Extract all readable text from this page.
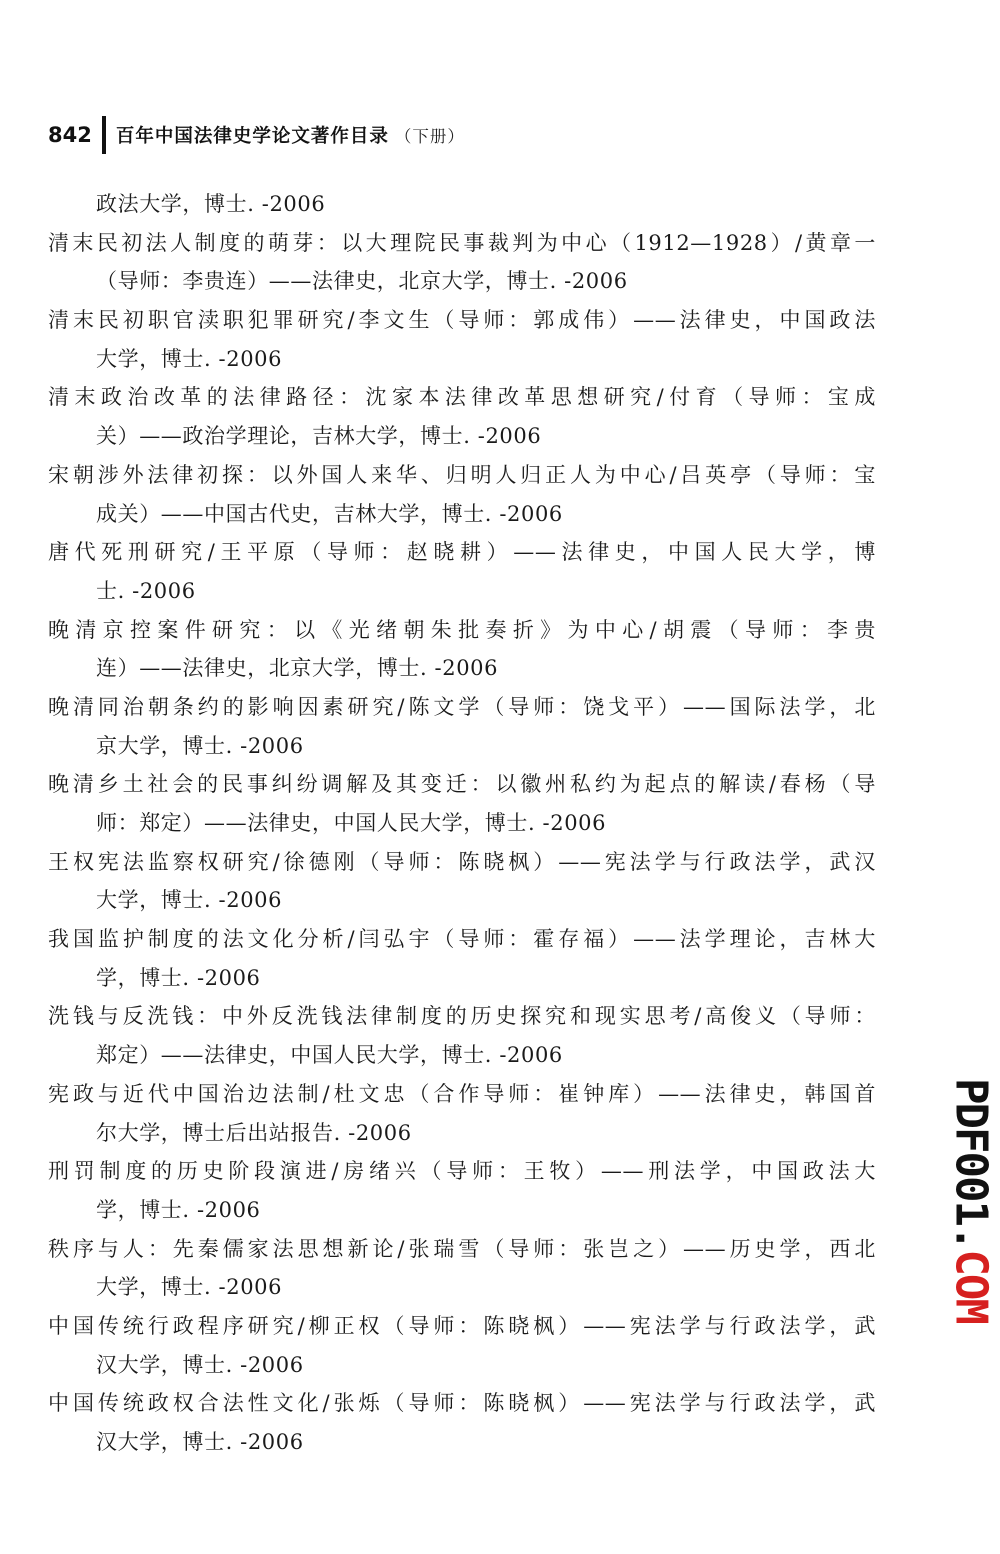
842 百年中国法律史学论文著作目录 （下册）
政法大学，博士. -2006
清末民初法人制度的萌芽：以大理院民事裁判为中心（1912—1928）/黄章一
（导师：李贵连）——法律史，北京大学，博士. -2006
清末民初职官渎职犯罪研究/李文生（导师：郭成伟）——法律史，中国政法
大学，博士. -2006
清末政治改革的法律路径：沈家本法律改革思想研究/付育（导师：宝成
关）——政治学理论，吉林大学，博士. -2006
宋朝涉外法律初探：以外国人来华、归明人归正人为中心/吕英亭（导师：宝
成关）——中国古代史，吉林大学，博士. -2006
唐代死刑研究/王平原（导师：赵晓耕）——法律史，中国人民大学，博
士. -2006
晚清京控案件研究：以《光绪朝朱批奏折》为中心/胡震（导师：李贵
连）——法律史，北京大学，博士. -2006
晚清同治朝条约的影响因素研究/陈文学（导师：饶戈平）——国际法学，北
京大学，博士. -2006
晚清乡土社会的民事纠纷调解及其变迁：以徽州私约为起点的解读/春杨（导
师：郑定）——法律史，中国人民大学，博士. -2006
王权宪法监察权研究/徐德刚（导师：陈晓枫）——宪法学与行政法学，武汉
大学，博士. -2006
我国监护制度的法文化分析/闫弘宇（导师：霍存福）——法学理论，吉林大
学，博士. -2006
洗钱与反洗钱：中外反洗钱法律制度的历史探究和现实思考/高俊义（导师：
郑定）——法律史，中国人民大学，博士. -2006
宪政与近代中国治边法制/杜文忠（合作导师：崔钟库）——法律史，韩国首
尔大学，博士后出站报告. -2006
刑罚制度的历史阶段演进/房绪兴（导师：王牧）——刑法学，中国政法大
学，博士. -2006
秩序与人：先秦儒家法思想新论/张瑞雪（导师：张岂之）——历史学，西北
大学，博士. -2006
中国传统行政程序研究/柳正权（导师：陈晓枫）——宪法学与行政法学，武
汉大学，博士. -2006
中国传统政权合法性文化/张烁（导师：陈晓枫）——宪法学与行政法学，武
汉大学，博士. -2006
PDF001.COM
